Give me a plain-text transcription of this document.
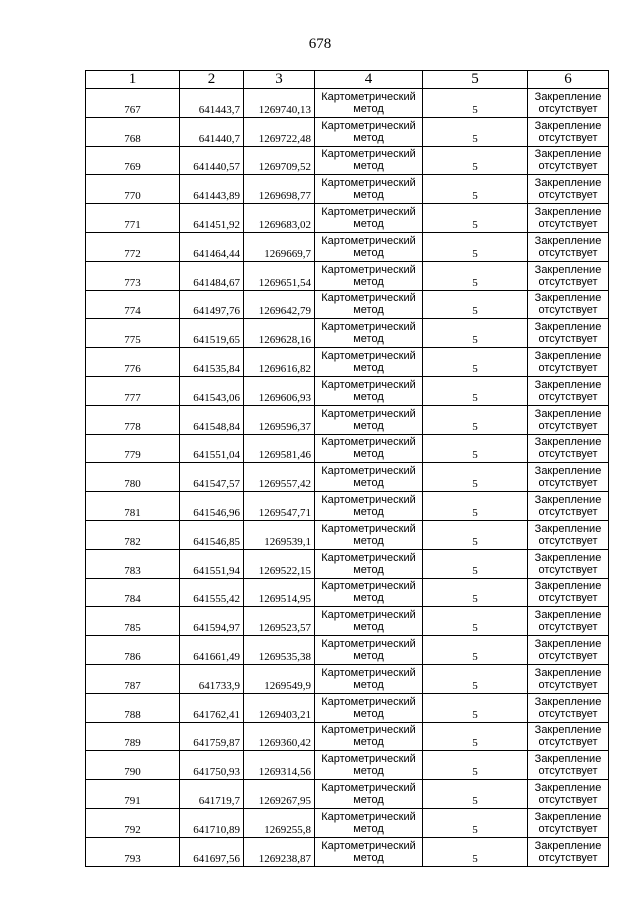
678
1	2	3	4	5	6
767	641443,7	1269740,13	Картометрический
метод	5	Закрепление
отсутствует

768	641440,7	1269722,48	Картометрический
метод	5	Закрепление
отсутствует

769	641440,57	1269709,52	Картометрический
метод	5	Закрепление
отсутствует

770	641443,89	1269698,77	Картометрический
метод	5	Закрепление
отсутствует

771	641451,92	1269683,02	Картометрический
метод	5	Закрепление
отсутствует

772	641464,44	1269669,7	Картометрический
метод	5	Закрепление
отсутствует

773	641484,67	1269651,54	Картометрический
метод	5	Закрепление
отсутствует

774	641497,76	1269642,79	Картометрический
метод	5	Закрепление
отсутствует

775	641519,65	1269628,16	Картометрический
метод	5	Закрепление
отсутствует

776	641535,84	1269616,82	Картометрический
метод	5	Закрепление
отсутствует

777	641543,06	1269606,93	Картометрический
метод	5	Закрепление
отсутствует

778	641548,84	1269596,37	Картометрический
метод	5	Закрепление
отсутствует

779	641551,04	1269581,46	Картометрический
метод	5	Закрепление
отсутствует

780	641547,57	1269557,42	Картометрический
метод	5	Закрепление
отсутствует

781	641546,96	1269547,71	Картометрический
метод	5	Закрепление
отсутствует

782	641546,85	1269539,1	Картометрический
метод	5	Закрепление
отсутствует

783	641551,94	1269522,15	Картометрический
метод	5	Закрепление
отсутствует

784	641555,42	1269514,95	Картометрический
метод	5	Закрепление
отсутствует

785	641594,97	1269523,57	Картометрический
метод	5	Закрепление
отсутствует

786	641661,49	1269535,38	Картометрический
метод	5	Закрепление
отсутствует

787	641733,9	1269549,9	Картометрический
метод	5	Закрепление
отсутствует

788	641762,41	1269403,21	Картометрический
метод	5	Закрепление
отсутствует

789	641759,87	1269360,42	Картометрический
метод	5	Закрепление
отсутствует

790	641750,93	1269314,56	Картометрический
метод	5	Закрепление
отсутствует

791	641719,7	1269267,95	Картометрический
метод	5	Закрепление
отсутствует

792	641710,89	1269255,8	Картометрический
метод	5	Закрепление
отсутствует

793	641697,56	1269238,87	Картометрический
метод	5	Закрепление
отсутствует
